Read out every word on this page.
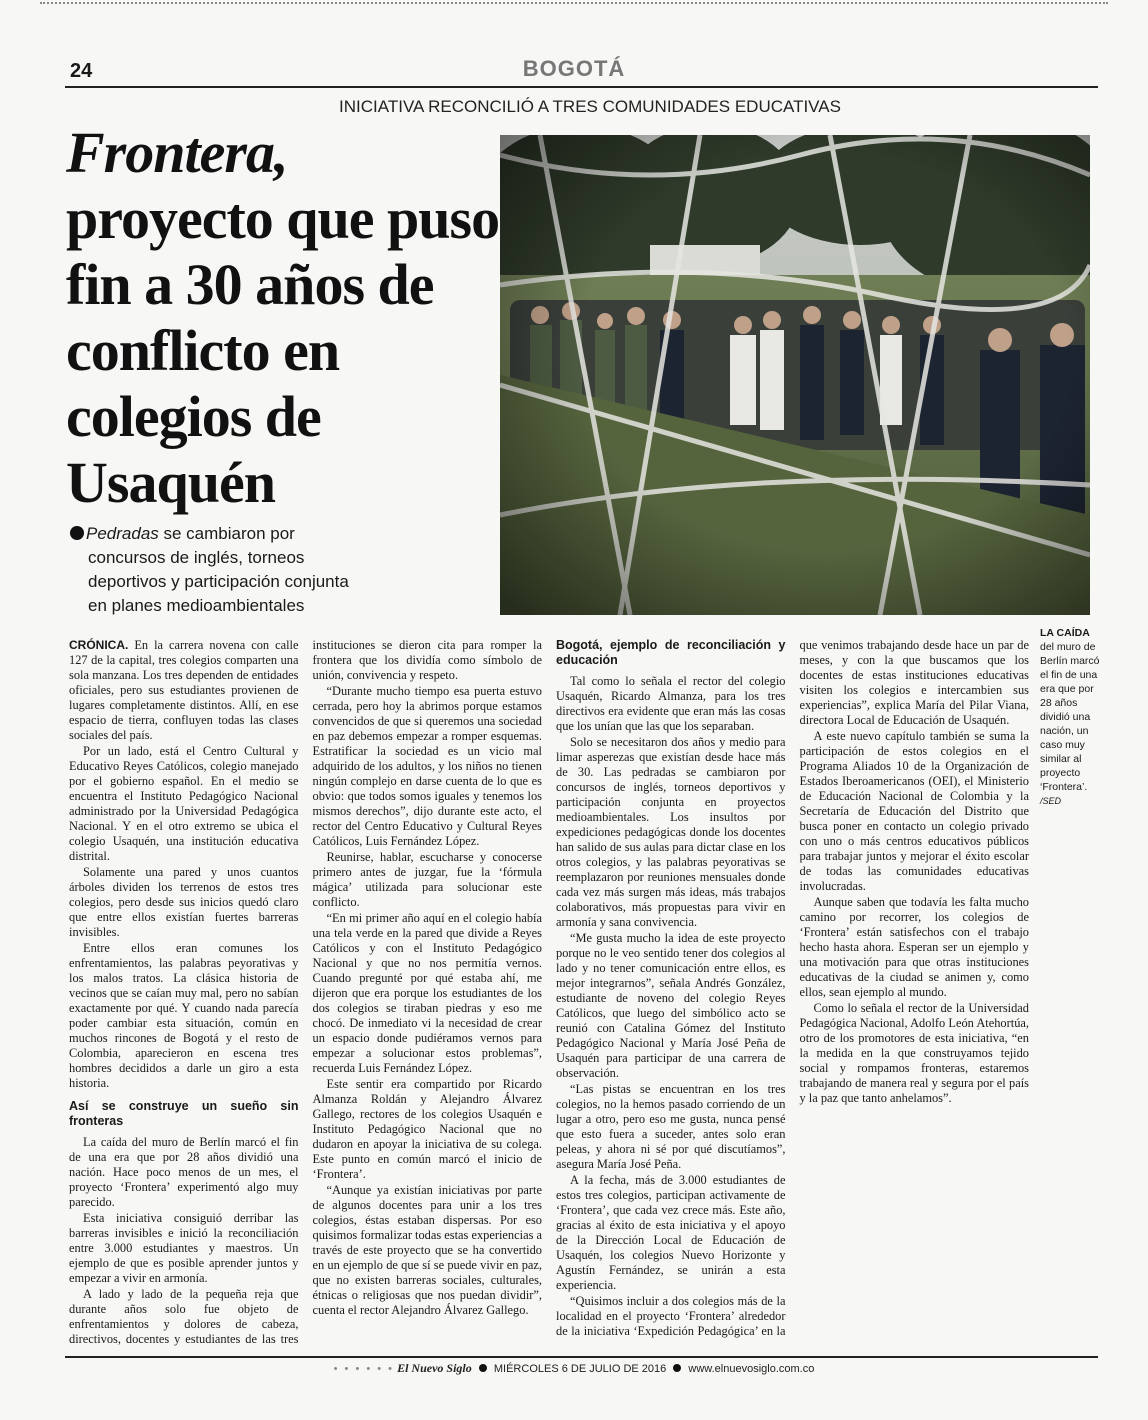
24	BOGOTÁ
INICIATIVA RECONCILIÓ A TRES COMUNIDADES EDUCATIVAS
Frontera,
proyecto que puso fin a 30 años de conflicto en colegios de Usaquén
Pedradas se cambiaron por
concursos de inglés, torneos
deportivos y participación conjunta
en planes medioambientales
LA CAÍDA
del muro de Berlín marcó el fin de una era que por 28 años dividió una nación, un caso muy similar al proyecto ‘Frontera’. /SED

CRÓNICA. En la carrera novena con calle 127 de la capital, tres colegios comparten una sola manzana. Los tres dependen de entidades oficiales, pero sus estudiantes provienen de lugares completamente distintos. Allí, en ese espacio de tierra, confluyen todas las clases sociales del país.

Por un lado, está el Centro Cultural y Educativo Reyes Católicos, colegio manejado por el gobierno español. En el medio se encuentra el Instituto Pedagógico Nacional administrado por la Universidad Pedagógica Nacional. Y en el otro extremo se ubica el colegio Usaquén, una institución educativa distrital.

Solamente una pared y unos cuantos árboles dividen los terrenos de estos tres colegios, pero desde sus inicios quedó claro que entre ellos existían fuertes barreras invisibles.

Entre ellos eran comunes los enfrentamientos, las palabras peyorativas y los malos tratos. La clásica historia de vecinos que se caían muy mal, pero no sabían exactamente por qué. Y cuando nada parecía poder cambiar esta situación, común en muchos rincones de Bogotá y el resto de Colombia, aparecieron en escena tres hombres decididos a darle un giro a esta historia.

Así se construye un sueño sin fronteras

La caída del muro de Berlín marcó el fin de una era que por 28 años dividió una nación. Hace poco menos de un mes, el proyecto ‘Frontera’ experimentó algo muy parecido.

Esta iniciativa consiguió derribar las barreras invisibles e inició la reconciliación entre 3.000 estudiantes y maestros. Un ejemplo de que es posible aprender juntos y empezar a vivir en armonía.

A lado y lado de la pequeña reja que durante años solo fue objeto de enfrentamientos y dolores de cabeza, directivos, docentes y estudiantes de las tres instituciones se dieron cita para romper la frontera que los dividía como símbolo de unión, convivencia y respeto.

“Durante mucho tiempo esa puerta estuvo cerrada, pero hoy la abrimos porque estamos convencidos de que si queremos una sociedad en paz debemos empezar a romper esquemas. Estratificar la sociedad es un vicio mal adquirido de los adultos, y los niños no tienen ningún complejo en darse cuenta de lo que es obvio: que todos somos iguales y tenemos los mismos derechos”, dijo durante este acto, el rector del Centro Educativo y Cultural Reyes Católicos, Luis Fernández López.

Reunirse, hablar, escucharse y conocerse primero antes de juzgar, fue la ‘fórmula mágica’ utilizada para solucionar este conflicto.

“En mi primer año aquí en el colegio había una tela verde en la pared que divide a Reyes Católicos y con el Instituto Pedagógico Nacional y que no nos permitía vernos. Cuando pregunté por qué estaba ahí, me dijeron que era porque los estudiantes de los dos colegios se tiraban piedras y eso me chocó. De inmediato vi la necesidad de crear un espacio donde pudiéramos vernos para empezar a solucionar estos problemas”, recuerda Luis Fernández López.

Este sentir era compartido por Ricardo Almanza Roldán y Alejandro Álvarez Gallego, rectores de los colegios Usaquén e Instituto Pedagógico Nacional que no dudaron en apoyar la iniciativa de su colega. Este punto en común marcó el inicio de ‘Frontera’.

“Aunque ya existían iniciativas por parte de algunos docentes para unir a los tres colegios, éstas estaban dispersas. Por eso quisimos formalizar todas estas experiencias a través de este proyecto que se ha convertido en un ejemplo de que sí se puede vivir en paz, que no existen barreras sociales, culturales, étnicas o religiosas que nos puedan dividir”, cuenta el rector Alejandro Álvarez Gallego.

Bogotá, ejemplo de reconciliación y educación

Tal como lo señala el rector del colegio Usaquén, Ricardo Almanza, para los tres directivos era evidente que eran más las cosas que los unían que las que los separaban.

Solo se necesitaron dos años y medio para limar asperezas que existían desde hace más de 30. Las pedradas se cambiaron por concursos de inglés, torneos deportivos y participación conjunta en proyectos medioambientales. Los insultos por expediciones pedagógicas donde los docentes han salido de sus aulas para dictar clase en los otros colegios, y las palabras peyorativas se reemplazaron por reuniones mensuales donde cada vez más surgen más ideas, más trabajos colaborativos, más propuestas para vivir en armonía y sana convivencia.

“Me gusta mucho la idea de este proyecto porque no le veo sentido tener dos colegios al lado y no tener comunicación entre ellos, es mejor integrarnos”, señala Andrés González, estudiante de noveno del colegio Reyes Católicos, que luego del simbólico acto se reunió con Catalina Gómez del Instituto Pedagógico Nacional y María José Peña de Usaquén para participar de una carrera de observación.

“Las pistas se encuentran en los tres colegios, no la hemos pasado corriendo de un lugar a otro, pero eso me gusta, nunca pensé que esto fuera a suceder, antes solo eran peleas, y ahora ni sé por qué discutíamos”, asegura María José Peña.

A la fecha, más de 3.000 estudiantes de estos tres colegios, participan activamente de ‘Frontera’, que cada vez crece más. Este año, gracias al éxito de esta iniciativa y el apoyo de la Dirección Local de Educación de Usaquén, los colegios Nuevo Horizonte y Agustín Fernández, se unirán a esta experiencia.

“Quisimos incluir a dos colegios más de la localidad en el proyecto ‘Frontera’ alrededor de la iniciativa ‘Expedición Pedagógica’ en la que venimos trabajando desde hace un par de meses, y con la que buscamos que los docentes de estas instituciones educativas visiten los colegios e intercambien sus experiencias”, explica María del Pilar Viana, directora Local de Educación de Usaquén.

A este nuevo capítulo también se suma la participación de estos colegios en el Programa Aliados 10 de la Organización de Estados Iberoamericanos (OEI), el Ministerio de Educación Nacional de Colombia y la Secretaría de Educación del Distrito que busca poner en contacto un colegio privado con uno o más centros educativos públicos para trabajar juntos y mejorar el éxito escolar de todas las comunidades educativas involucradas.

Aunque saben que todavía les falta mucho camino por recorrer, los colegios de ‘Frontera’ están satisfechos con el trabajo hecho hasta ahora. Esperan ser un ejemplo y una motivación para que otras instituciones educativas de la ciudad se animen y, como ellos, sean ejemplo al mundo.

Como lo señala el rector de la Universidad Pedagógica Nacional, Adolfo León Atehortúa, otro de los promotores de esta iniciativa, “en la medida en la que construyamos tejido social y rompamos fronteras, estaremos trabajando de manera real y segura por el país y la paz que tanto anhelamos”.

• • • • • • El Nuevo Siglo MIÉRCOLES 6 DE JULIO DE 2016 www.elnuevosiglo.com.co
